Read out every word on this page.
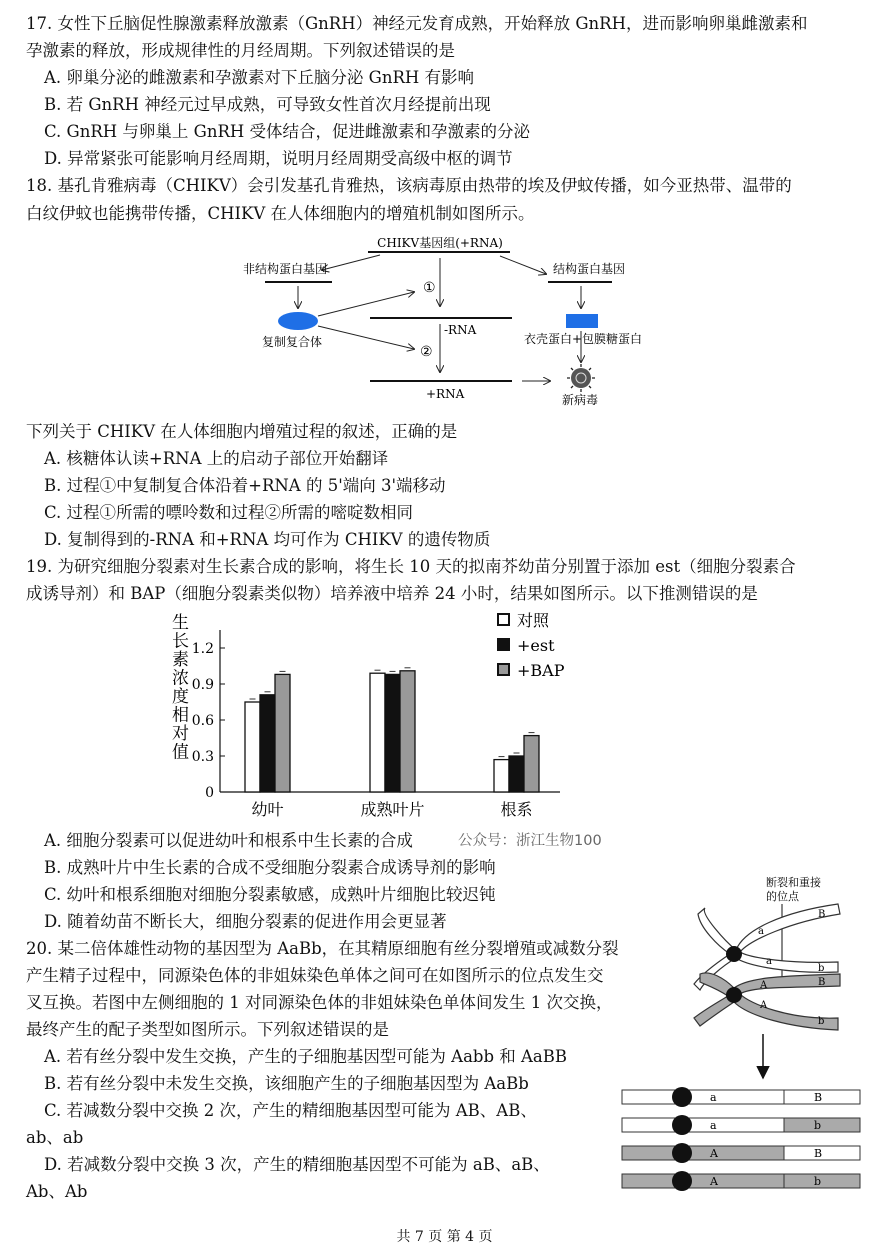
17. 女性下丘脑促性腺激素释放激素（GnRH）神经元发育成熟，开始释放 GnRH，进而影响卵巢雌激素和
孕激素的释放，形成规律性的月经周期。下列叙述错误的是
A. 卵巢分泌的雌激素和孕激素对下丘脑分泌 GnRH 有影响
B. 若 GnRH 神经元过早成熟，可导致女性首次月经提前出现
C. GnRH 与卵巢上 GnRH 受体结合，促进雌激素和孕激素的分泌
D. 异常紧张可能影响月经周期，说明月经周期受高级中枢的调节
18. 基孔肯雅病毒（CHIKV）会引发基孔肯雅热，该病毒原由热带的埃及伊蚊传播，如今亚热带、温带的
白纹伊蚊也能携带传播，CHIKV 在人体细胞内的增殖机制如图所示。
CHIKV基因组(+RNA)
非结构蛋白基因	结构蛋白基因
复制复合体	衣壳蛋白+包膜糖蛋白
①
-RNA
②
+RNA	新病毒
下列关于 CHIKV 在人体细胞内增殖过程的叙述，正确的是
A. 核糖体认读+RNA 上的启动子部位开始翻译
B. 过程①中复制复合体沿着+RNA 的 5'端向 3'端移动
C. 过程①所需的嘌呤数和过程②所需的嘧啶数相同
D. 复制得到的-RNA 和+RNA 均可作为 CHIKV 的遗传物质
19. 为研究细胞分裂素对生长素合成的影响，将生长 10 天的拟南芥幼苗分别置于添加 est（细胞分裂素合
成诱导剂）和 BAP（细胞分裂素类似物）培养液中培养 24 小时，结果如图所示。以下推测错误的是
生
长
素
浓
度
相
对
值
1.2
0.9
0.6
0.3
0
幼叶	成熟叶片	根系
对照
+est
+BAP
A. 细胞分裂素可以促进幼叶和根系中生长素的合成	公众号：浙江生物100
B. 成熟叶片中生长素的合成不受细胞分裂素合成诱导剂的影响
C. 幼叶和根系细胞对细胞分裂素敏感，成熟叶片细胞比较迟钝
D. 随着幼苗不断长大，细胞分裂素的促进作用会更显著
20. 某二倍体雄性动物的基因型为 AaBb，在其精原细胞有丝分裂增殖或减数分裂
产生精子过程中，同源染色体的非姐妹染色单体之间可在如图所示的位点发生交
叉互换。若图中左侧细胞的 1 对同源染色体的非姐妹染色单体间发生 1 次交换，
最终产生的配子类型如图所示。下列叙述错误的是
A. 若有丝分裂中发生交换，产生的子细胞基因型可能为 Aabb 和 AaBB
B. 若有丝分裂中未发生交换，该细胞产生的子细胞基因型为 AaBb
C. 若减数分裂中交换 2 次，产生的精细胞基因型可能为 AB、AB、
ab、ab
D. 若减数分裂中交换 3 次，产生的精细胞基因型不可能为 aB、aB、
Ab、Ab
断裂和重接
的位点
a
B
a
b
A	B
A
b
a	B
a	b
A	B
A	b
共 7 页 第 4 页
